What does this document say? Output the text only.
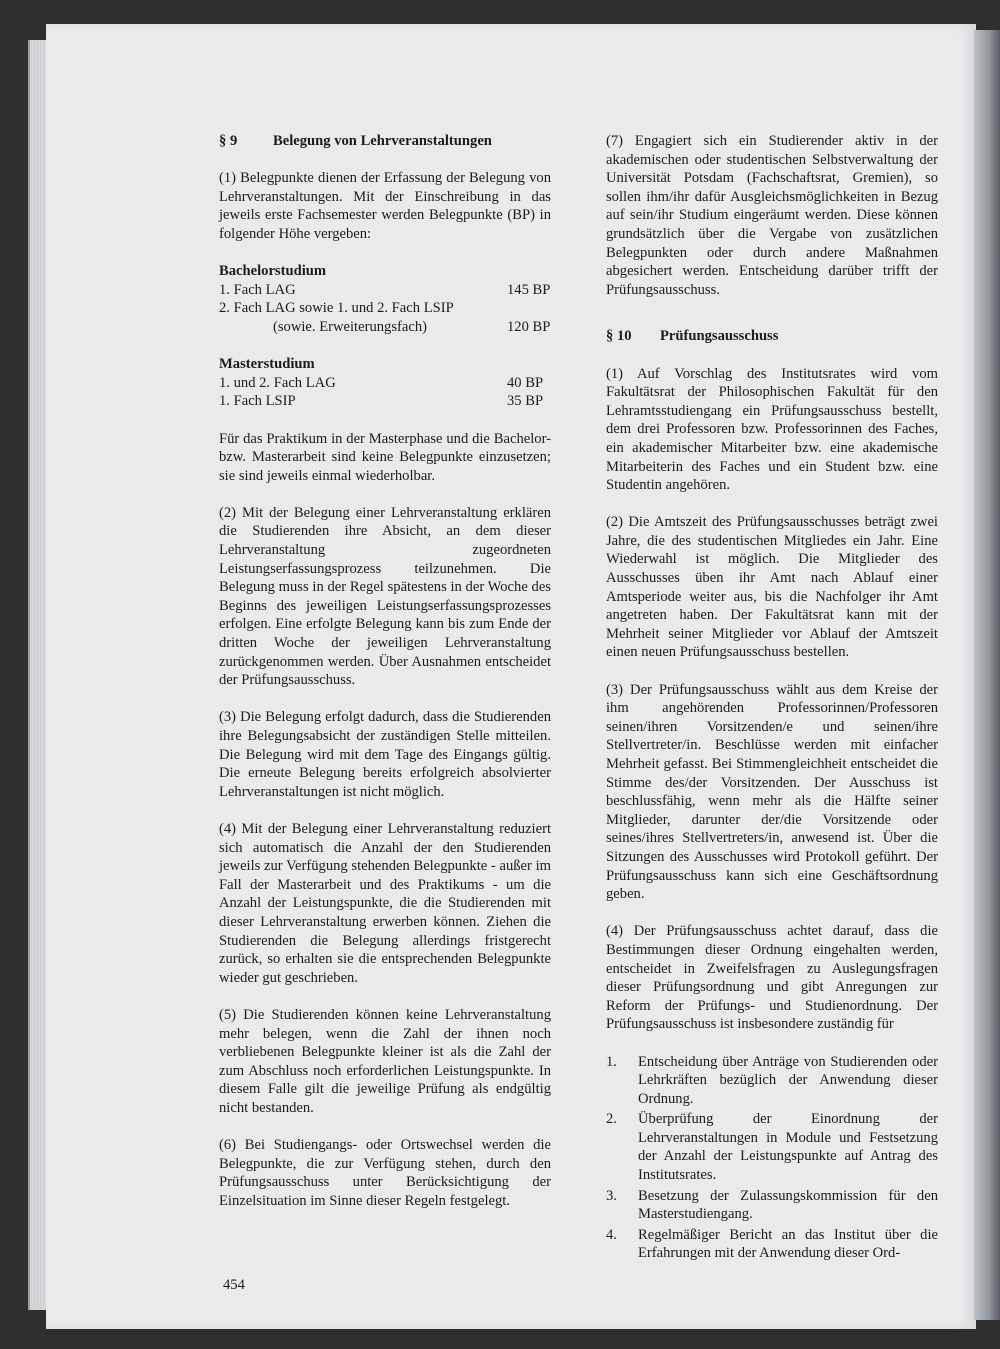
§ 9 Belegung von Lehrveranstaltungen

(1) Belegpunkte dienen der Erfassung der Belegung von Lehrveranstaltungen. Mit der Einschreibung in das jeweils erste Fachsemester werden Belegpunkte (BP) in folgender Höhe vergeben:

Bachelorstudium
1. Fach LAG	145 BP
2. Fach LAG sowie 1. und 2. Fach LSIP
(sowie. Erweiterungsfach)	120 BP
Masterstudium
1. und 2. Fach LAG	40 BP
1. Fach LSIP	35 BP

Für das Praktikum in der Masterphase und die Bachelor- bzw. Masterarbeit sind keine Belegpunkte einzusetzen; sie sind jeweils einmal wiederholbar.

(2) Mit der Belegung einer Lehrveranstaltung erklären die Studierenden ihre Absicht, an dem dieser Lehrveranstaltung zugeordneten Leistungserfassungsprozess teilzunehmen. Die Belegung muss in der Regel spätestens in der Woche des Beginns des jeweiligen Leistungserfassungsprozesses erfolgen. Eine erfolgte Belegung kann bis zum Ende der dritten Woche der jeweiligen Lehrveranstaltung zurückgenommen werden. Über Ausnahmen entscheidet der Prüfungsausschuss.

(3) Die Belegung erfolgt dadurch, dass die Studierenden ihre Belegungsabsicht der zuständigen Stelle mitteilen. Die Belegung wird mit dem Tage des Eingangs gültig. Die erneute Belegung bereits erfolgreich absolvierter Lehrveranstaltungen ist nicht möglich.

(4) Mit der Belegung einer Lehrveranstaltung reduziert sich automatisch die Anzahl der den Studierenden jeweils zur Verfügung stehenden Belegpunkte - außer im Fall der Masterarbeit und des Praktikums - um die Anzahl der Leistungspunkte, die die Studierenden mit dieser Lehrveranstaltung erwerben können. Ziehen die Studierenden die Belegung allerdings fristgerecht zurück, so erhalten sie die entsprechenden Belegpunkte wieder gut geschrieben.

(5) Die Studierenden können keine Lehrveranstaltung mehr belegen, wenn die Zahl der ihnen noch verbliebenen Belegpunkte kleiner ist als die Zahl der zum Abschluss noch erforderlichen Leistungspunkte. In diesem Falle gilt die jeweilige Prüfung als endgültig nicht bestanden.

(6) Bei Studiengangs- oder Ortswechsel werden die Belegpunkte, die zur Verfügung stehen, durch den Prüfungsausschuss unter Berücksichtigung der Einzelsituation im Sinne dieser Regeln festgelegt.

(7) Engagiert sich ein Studierender aktiv in der akademischen oder studentischen Selbstverwaltung der Universität Potsdam (Fachschaftsrat, Gremien), so sollen ihm/ihr dafür Ausgleichsmöglichkeiten in Bezug auf sein/ihr Studium eingeräumt werden. Diese können grundsätzlich über die Vergabe von zusätzlichen Belegpunkten oder durch andere Maßnahmen abgesichert werden. Entscheidung darüber trifft der Prüfungsausschuss.

§ 10 Prüfungsausschuss

(1) Auf Vorschlag des Institutsrates wird vom Fakultätsrat der Philosophischen Fakultät für den Lehramtsstudiengang ein Prüfungsausschuss bestellt, dem drei Professoren bzw. Professorinnen des Faches, ein akademischer Mitarbeiter bzw. eine akademische Mitarbeiterin des Faches und ein Student bzw. eine Studentin angehören.

(2) Die Amtszeit des Prüfungsausschusses beträgt zwei Jahre, die des studentischen Mitgliedes ein Jahr. Eine Wiederwahl ist möglich. Die Mitglieder des Ausschusses üben ihr Amt nach Ablauf einer Amtsperiode weiter aus, bis die Nachfolger ihr Amt angetreten haben. Der Fakultätsrat kann mit der Mehrheit seiner Mitglieder vor Ablauf der Amtszeit einen neuen Prüfungsausschuss bestellen.

(3) Der Prüfungsausschuss wählt aus dem Kreise der ihm angehörenden Professorinnen/Professoren seinen/ihren Vorsitzenden/e und seinen/ihre Stellvertreter/in. Beschlüsse werden mit einfacher Mehrheit gefasst. Bei Stimmengleichheit entscheidet die Stimme des/der Vorsitzenden. Der Ausschuss ist beschlussfähig, wenn mehr als die Hälfte seiner Mitglieder, darunter der/die Vorsitzende oder seines/ihres Stellvertreters/in, anwesend ist. Über die Sitzungen des Ausschusses wird Protokoll geführt. Der Prüfungsausschuss kann sich eine Geschäftsordnung geben.

(4) Der Prüfungsausschuss achtet darauf, dass die Bestimmungen dieser Ordnung eingehalten werden, entscheidet in Zweifelsfragen zu Auslegungsfragen dieser Prüfungsordnung und gibt Anregungen zur Reform der Prüfungs- und Studienordnung. Der Prüfungsausschuss ist insbesondere zuständig für

1.	Entscheidung über Anträge von Studierenden oder Lehrkräften bezüglich der Anwendung dieser Ordnung.
2.	Überprüfung der Einordnung der Lehrveranstaltungen in Module und Festsetzung der Anzahl der Leistungspunkte auf Antrag des Institutsrates.
3.	Besetzung der Zulassungskommission für den Masterstudiengang.
4.	Regelmäßiger Bericht an das Institut über die Erfahrungen mit der Anwendung dieser Ord-
454
